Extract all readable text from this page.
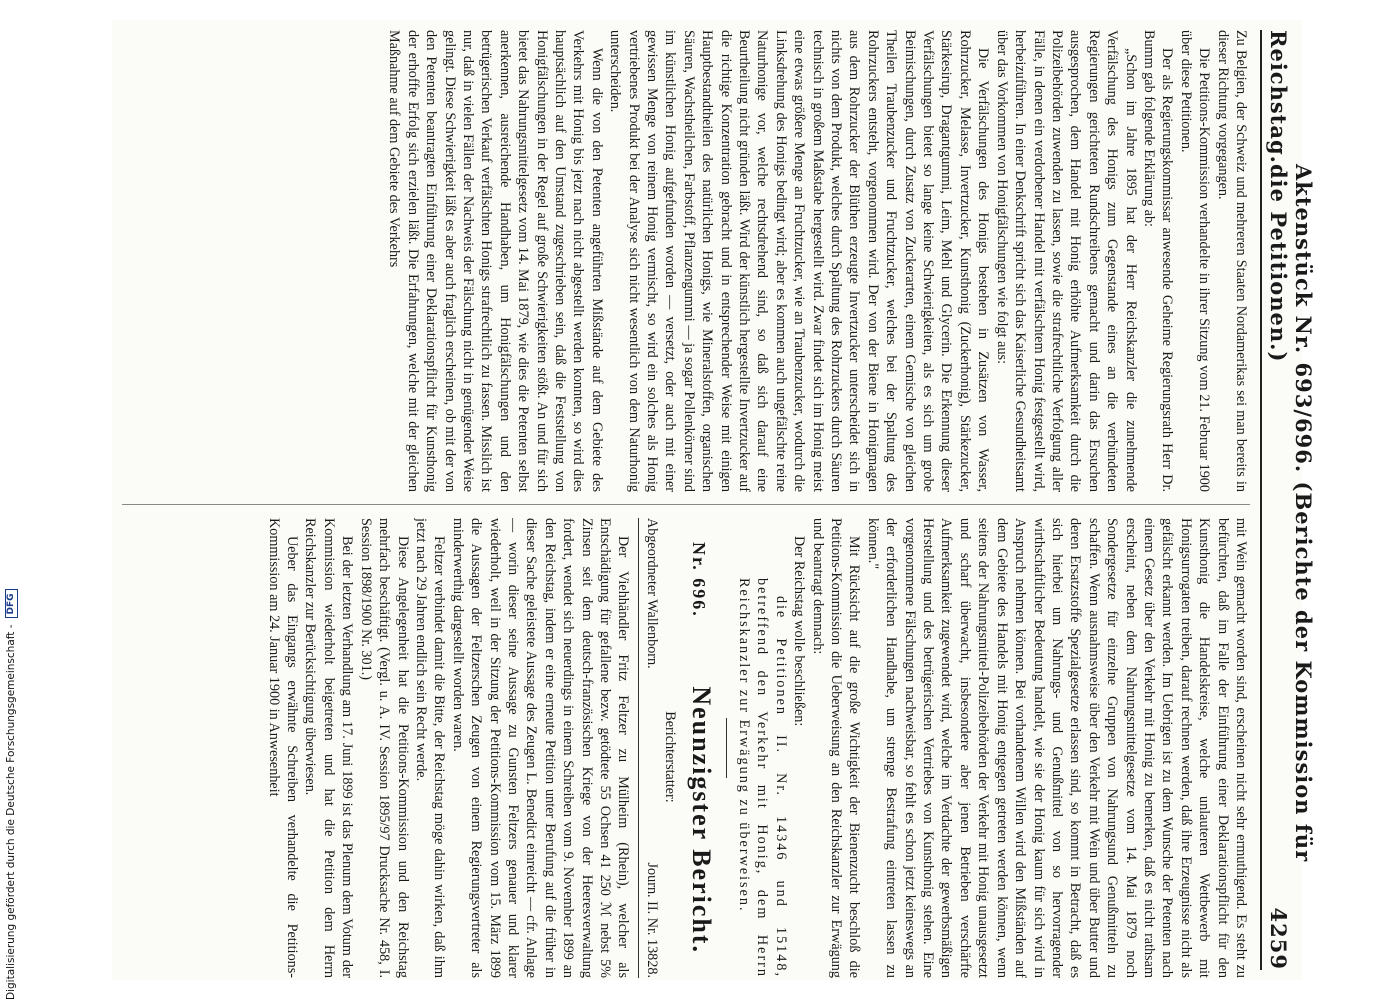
Digitalisierung gefördert durch die Deutsche Forschungsgemeinschaft -
DFG
Reichstag.
Aktenstück Nr. 693/696. (Berichte der Kommission für die Petitionen.)
4259

Zu Belgien, der Schweiz und mehreren Staaten Nordamerikas sei man bereits in dieser Richtung vorgegangen.

Die Petitions-Kommission verhandelte in ihrer Sitzung vom 21. Februar 1900 über diese Petitionen.

Der als Regierungskommissar anwesende Geheime Regierungsrath Herr Dr. Bumm gab folgende Erklärung ab:

„Schon im Jahre 1895 hat der Herr Reichskanzler die zunehmende Verfälschung des Honigs zum Gegenstande eines an die verbündeten Regierungen gerichteten Rundschreibens gemacht und darin das Ersuchen ausgesprochen, dem Handel mit Honig erhöhte Aufmerksamkeit durch die Polizeibehörden zuwenden zu lassen, sowie die strafrechtliche Verfolgung aller Fälle, in denen ein verdorbener Handel mit verfälschtem Honig festgestellt wird, herbeizuführen. In einer Denkschrift spricht sich das Kaiserliche Gesundheitsamt über das Vorkommen von Honigfälschungen wie folgt aus:

Die Verfälschungen des Honigs bestehen in Zusätzen von Wasser, Rohrzucker, Melasse, Invertzucker, Kunsthonig (Zuckerhonig), Stärkezucker, Stärkesirup, Dragantgummi, Leim, Mehl und Glycerin. Die Erkennung dieser Verfälschungen bietet so lange keine Schwierigkeiten, als es sich um grobe Beimischungen, durch Zusatz von Zuckerarten, einem Gemische von gleichen Theilen Traubenzucker und Fruchtzucker, welches bei der Spaltung des Rohrzuckers entsteht, vorgenommen wird. Der von der Biene in Honigmagen aus dem Rohrzucker der Blüthen erzeugte Invertzucker unterscheidet sich in nichts von dem Produkt, welches durch Spaltung des Rohrzuckers durch Säuren technisch in großem Maßstabe hergestellt wird. Zwar findet sich im Honig meist eine etwas größere Menge an Fruchtzucker, wie an Traubenzucker, wodurch die Linksdrehung des Honigs bedingt wird; aber es kommen auch ungefälschte reine Naturhonige vor, welche rechtsdrehend sind, so daß sich darauf eine Beurtheilung nicht gründen läßt. Wird der künstlich hergestellte Invertzucker auf die richtige Konzentration gebracht und in entsprechender Weise mit einigen Hauptbestandtheilen des natürlichen Honigs, wie Mineralstoffen, organischen Säuren, Wachstheilchen, Farbstoff, Pflanzengummi — ja sogar Pollenkörner sind im künstlichen Honig aufgefunden worden — versetzt, oder auch mit einer gewissen Menge von reinem Honig vermischt, so wird ein solches als Honig vertriebenes Produkt bei der Analyse sich nicht wesentlich von dem Naturhonig unterscheiden.

Wenn die von den Petenten angeführten Mißstände auf dem Gebiete des Verkehrs mit Honig bis jetzt nach nicht abgestellt werden konnten, so wird dies hauptsächlich auf den Umstand zugeschrieben sein, daß die Feststellung von Honigfälschungen in der Regel auf große Schwierigkeiten stößt. An und für sich bietet das Nahrungsmittelgesetz vom 14. Mai 1879, wie dies die Petenten selbst anerkennen, ausreichende Handhaben, um Honigfälschungen und den betrügerischen Verkauf verfälschten Honigs strafrechtlich zu fassen. Misslich ist nur, daß in vielen Fällen der Nachweis der Fälschung nicht in genügender Weise gelingt. Diese Schwierigkeit läßt es aber auch fraglich erscheinen, ob mit der von den Petenten beantragten Einführung einer Deklarationspflicht für Kunsthonig der erhoffte Erfolg sich erzielen läßt. Die Erfahrungen, welche mit der gleichen Maßnahme auf dem Gebiete des Verkehrs

mit Wein gemacht worden sind, erscheinen nicht sehr ermuthigend. Es steht zu befürchten, daß im Falle der Einführung einer Deklarationspflicht für den Kunsthonig die Handelskreise, welche unlauteren Wettbewerb mit Honigsurrogaten treiben, darauf rechnen werden, daß ihre Erzeugnisse nicht als gefälscht erkannt werden. Im Uebrigen ist zu dem Wunsche der Petenten nach einem Gesetz über den Verkehr mit Honig zu bemerken, daß es nicht rathsam erscheint, neben dem Nahrungsmittelgesetze vom 14. Mai 1879 noch Sondergesetze für einzelne Gruppen von Nahrungsund Genußmitteln zu schaffen. Wenn ausnahmsweise über den Verkehr mit Wein und über Butter und deren Ersatzstoffe Spezialgesetze erlassen sind, so kommt in Betracht, daß es sich hierbei um Nahrungs- und Genußmittel von so hervorragender wirthschaftlicher Bedeutung handelt, wie sie der Honig kaum für sich wird in Anspruch nehmen können. Bei vorhandenem Willen wird den Mißständen auf dem Gebiete des Handels mit Honig entgegen getreten werden können, wenn seitens der Nahrungsmittel-Polizeibehörden der Verkehr mit Honig unausgesetzt und scharf überwacht, insbesondere aber jenen Betrieben verschärfte Aufmerksamkeit zugewendet wird, welche im Verdachte der gewerbsmäßigen Herstellung und des betrügerischen Vertriebes von Kunsthonig stehen. Eine vorgenommene Fälschungen nachweisbar, so fehlt es schon jetzt keineswegs an der erforderlichen Handhabe, um strenge Bestrafung eintreten lassen zu können."

Mit Rücksicht auf die große Wichtigkeit der Bienenzucht beschloß die Petitions-Kommission die Ueberweisung an den Reichskanzler zur Erwägung und beantragt demnach:

Der Reichstag wolle beschließen:

die Petitionen II. Nr. 14346 und 15148, betreffend den Verkehr mit Honig, dem Herrn Reichskanzler zur Erwägung zu überweisen.

Nr. 696. Neunzigster Bericht.

Berichterstatter:

Abgeordneter Wallenborn.
Journ. II. Nr. 13828.

Der Viehhändler Fritz Feltzer zu Mülheim (Rhein), welcher als Entschädigung für gefallene bezw. getödtete 55 Ochsen 41 250 ℳ nebst 5% Zinsen seit dem deutsch-französischen Kriege von der Heeresverwaltung fordert, wendet sich neuerdings in einem Schreiben vom 9. November 1899 an den Reichstag, indem er eine erneute Petition unter Berufung auf die früher in dieser Sache geleistete Aussage des Zeugen L. Benedict einreicht — cfr. Anlage — worin dieser seine Aussage zu Gunsten Feltzers genauer und klarer wiederholt, weil in der Sitzung der Petitions-Kommission vom 15. März 1899 die Aussagen der Feltzerschen Zeugen von einem Regierungsvertreter als minderwerthig dargestellt worden waren.

Feltzer verbindet damit die Bitte, der Reichstag möge dahin wirken, daß ihm jetzt nach 29 Jahren endlich sein Recht werde.

Diese Angelegenheit hat die Petitions-Kommission und den Reichstag mehrfach beschäftigt. (Vergl. u. A. IV. Session 1895/97 Drucksache Nr. 458, I. Session 1898/1900 Nr. 301.)

Bei der letzten Verhandlung am 17. Juni 1899 ist das Plenum dem Votum der Kommission wiederholt beigetreten und hat die Petition dem Herrn Reichskanzler zur Berücksichtigung überwiesen.

Ueber das Eingangs erwähnte Schreiben verhandelte die Petitions-Kommission am 24. Januar 1900 in Anwesenheit
